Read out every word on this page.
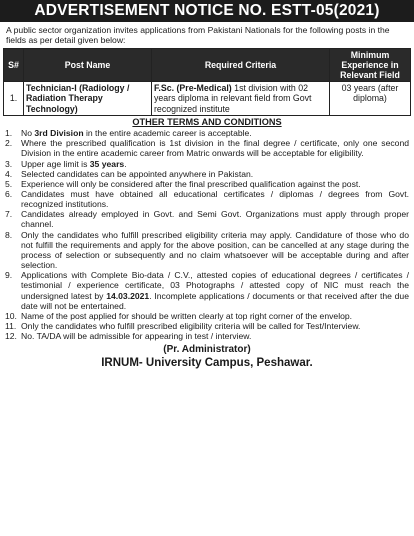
ADVERTISEMENT NOTICE NO. ESTT-05(2021)

A public sector organization invites applications from Pakistani Nationals for the following posts in the fields as per detail given below:

S#	Post Name	Required Criteria	Minimum Experience in Relevant Field
1.	Technician-I (Radiology / Radiation Therapy Technology)	F.Sc. (Pre-Medical) 1st division with 02 years diploma in relevant field from Govt recognized institute	03 years (after diploma)
OTHER TERMS AND CONDITIONS
1.	No 3rd Division in the entire academic career is acceptable.
2.	Where the prescribed qualification is 1st division in the final degree / certificate, only one second Division in the entire academic career from Matric onwards will be acceptable for eligibility.
3.	Upper age limit is 35 years.
4.	Selected candidates can be appointed anywhere in Pakistan.
5.	Experience will only be considered after the final prescribed qualification against the post.
6.	Candidates must have obtained all educational certificates / diplomas / degrees from Govt. recognized institutions.
7.	Candidates already employed in Govt. and Semi Govt. Organizations must apply through proper channel.
8.	Only the candidates who fulfill prescribed eligibility criteria may apply. Candidature of those who do not fulfill the requirements and apply for the above position, can be cancelled at any stage during the process of selection or subsequently and no claim whatsoever will be acceptable during and after selection.
9.	Applications with Complete Bio-data / C.V., attested copies of educational degrees / certificates / testimonial / experience certificate, 03 Photographs / attested copy of NIC must reach the undersigned latest by 14.03.2021. Incomplete applications / documents or that received after the due date will not be entertained.
10. Name of the post applied for should be written clearly at top right corner of the envelop.
11. Only the candidates who fulfill prescribed eligibility criteria will be called for Test/Interview.
12. No. TA/DA will be admissible for appearing in test / interview.
(Pr. Administrator)
IRNUM- University Campus, Peshawar.
